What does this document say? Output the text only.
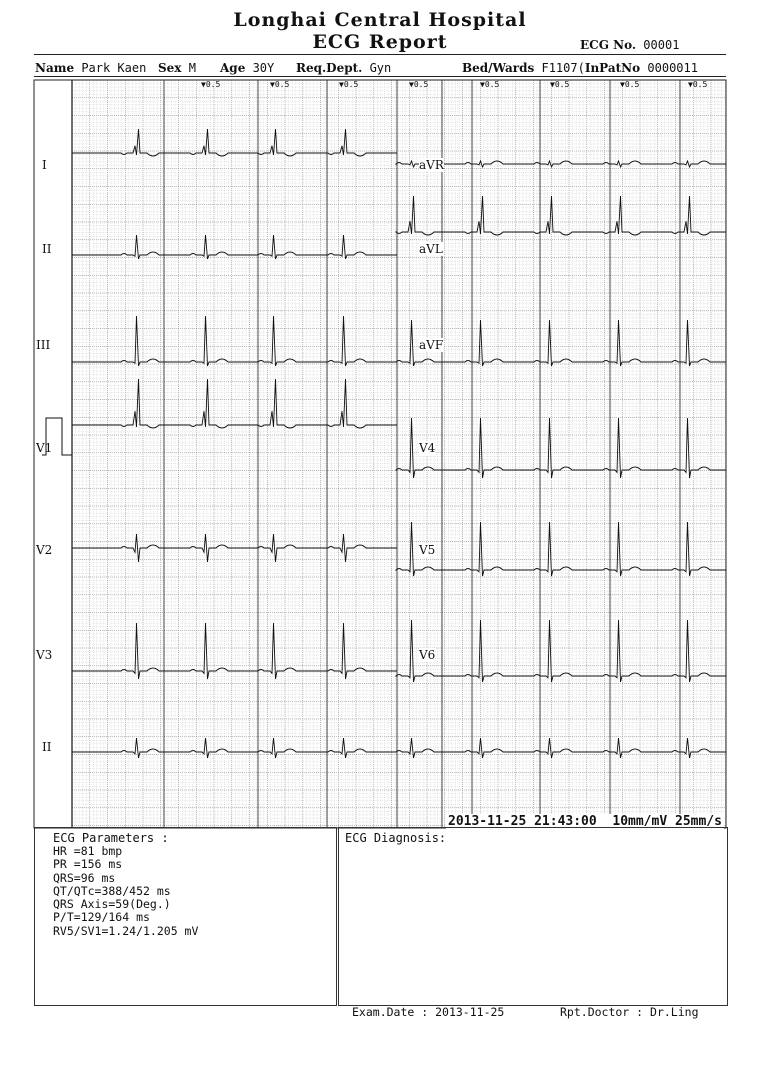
Longhai Central Hospital
ECG Report	ECG No. 00001
Name Park Kaen Sex M Age 30Y Req.Dept. Gyn	Bed/Wards F1107(InPatNo 0000011
I
II
III
V1
V2
V3
II
aVR
aVL
aVF
V4
V5
V6
▼0.5	▼0.5	▼0.5	▼0.5	▼0.5	▼0.5	▼0.5	▼0.5
2013-11-25 21:43:00 10mm/mV 25mm/s
ECG Parameters :
HR =81 bmp
PR =156 ms
QRS=96 ms
QT/QTc=388/452 ms
QRS Axis=59(Deg.)
P/T=129/164 ms
RV5/SV1=1.24/1.205 mV
ECG Diagnosis:
Exam.Date : 2013-11-25	Rpt.Doctor : Dr.Ling
